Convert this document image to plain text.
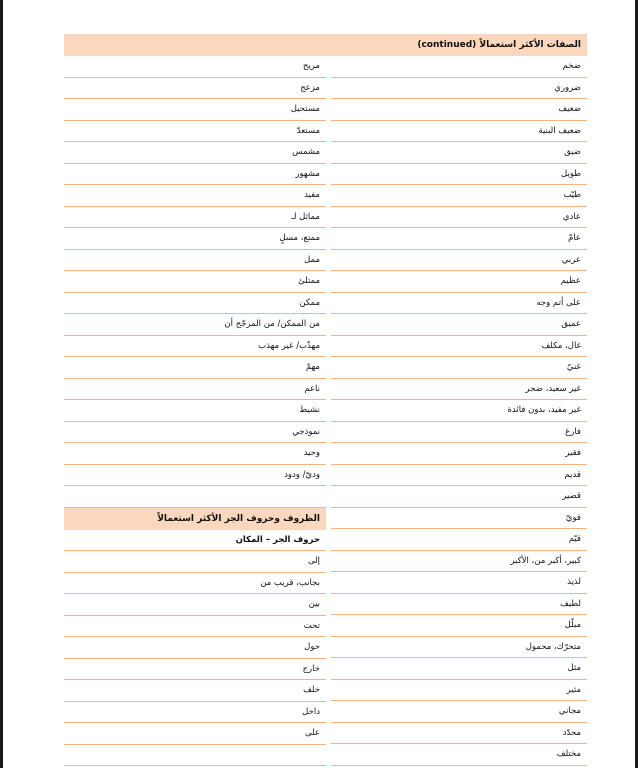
الصفات الأكثر استعمالاً (continued)
ضخم
ضروري
ضعيف
ضعيف البنية
ضيق
طويل
طيّب
عادي
عامّ
عربي
عظيم
على أتم وجه
عميق
غال، مكلف
غنيّ
غير سعيد، ضجر
غير مفيد، بدون فائدة
فارغ
فقير
قديم
قصير
قويّ
قيّم
كبير، أكبر من، الأكبر
لذيذ
لطيف
مبلّل
متحرّك، محمول
مثل
مثير
مجاني
محدّد
مختلف
مريح
مزعج
مستحيل
مستعدّ
مشمس
مشهور
مفيد
مماثل لـ
ممتع، مسلٍ
ممل
ممتلئ
ممكن
من الممكن/ من المرجّح أن
مهذّب/ غير مهذب
مهمّ
ناعم
نشيط
نموذجي
وحيد
وديّ/ ودود
الظروف وحروف الجر الأكثر استعمالاً
حروف الجر – المكان
إلى
بجانب، قريب من
بين
تحت
حول
خارج
خلف
داخل
على
